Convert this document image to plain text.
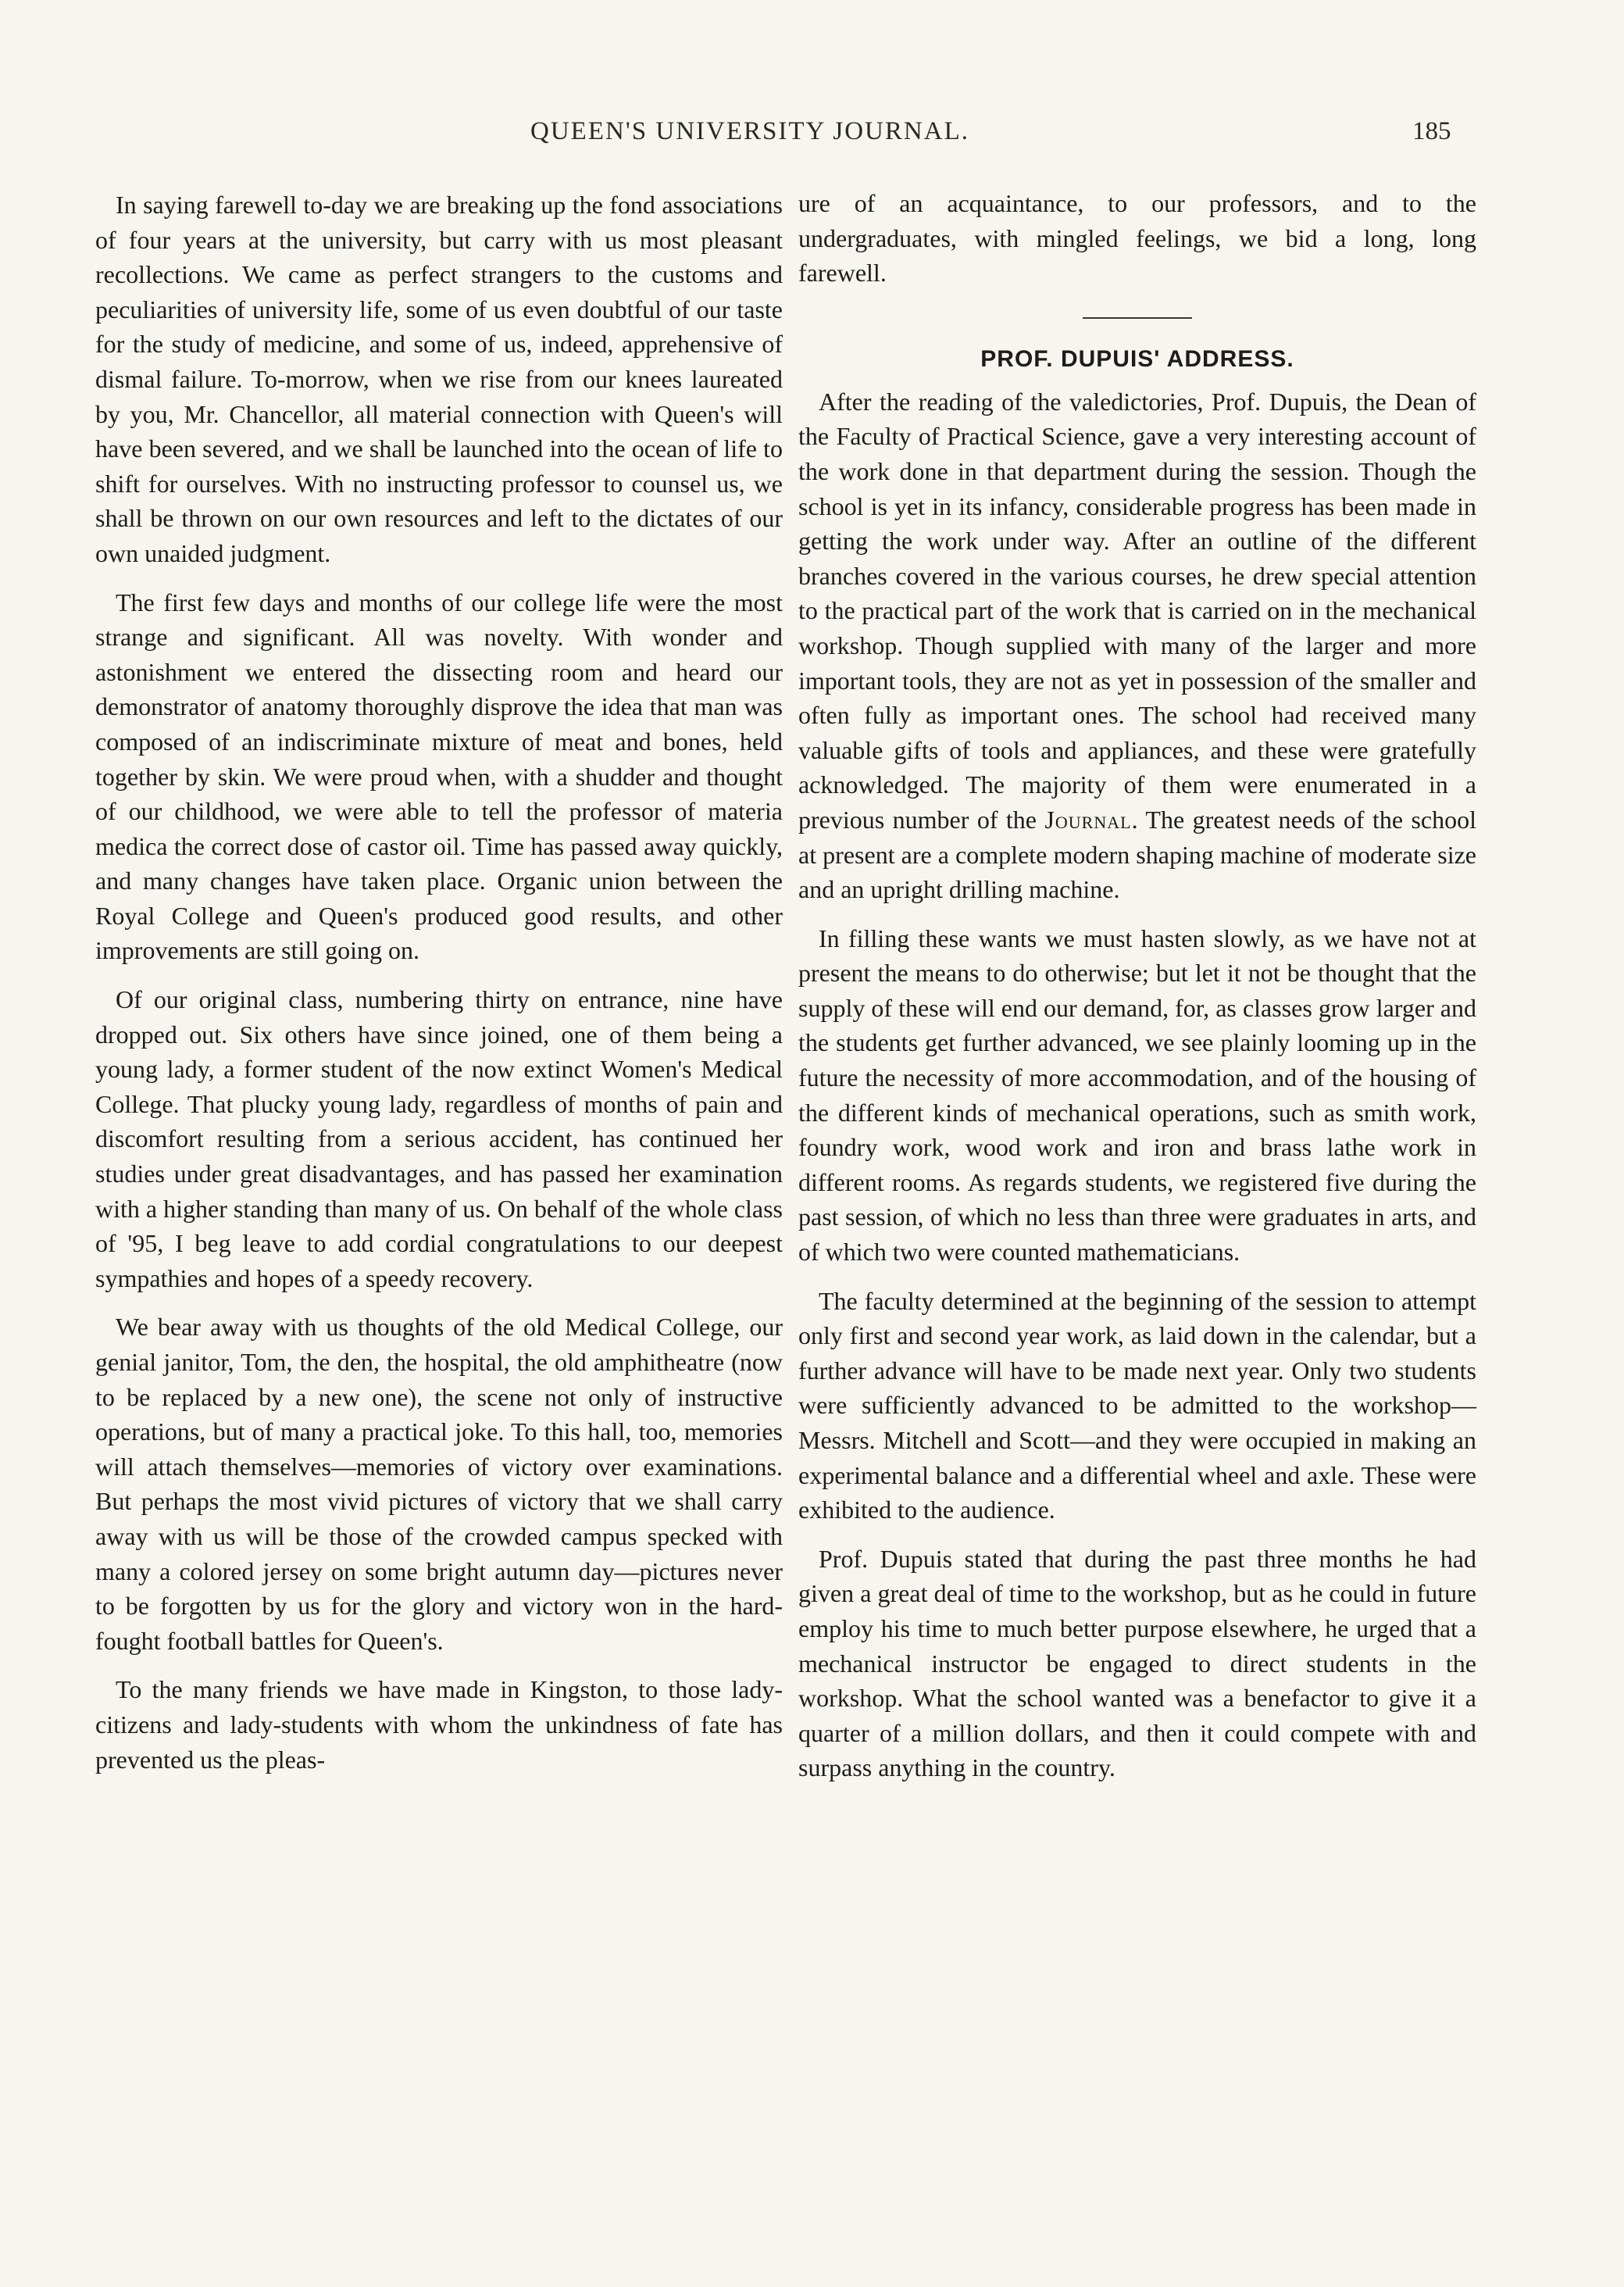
QUEEN'S UNIVERSITY JOURNAL.	185

In saying farewell to-day we are breaking up the fond associations of four years at the university, but carry with us most pleasant recollections. We came as perfect strangers to the customs and peculiarities of university life, some of us even doubtful of our taste for the study of medicine, and some of us, indeed, apprehensive of dismal failure. To-morrow, when we rise from our knees laureated by you, Mr. Chancellor, all material connection with Queen's will have been severed, and we shall be launched into the ocean of life to shift for ourselves. With no instructing professor to counsel us, we shall be thrown on our own resources and left to the dictates of our own unaided judgment.

The first few days and months of our college life were the most strange and significant. All was novelty. With wonder and astonishment we entered the dissecting room and heard our demonstrator of anatomy thoroughly disprove the idea that man was composed of an indiscriminate mixture of meat and bones, held together by skin. We were proud when, with a shudder and thought of our childhood, we were able to tell the professor of materia medica the correct dose of castor oil. Time has passed away quickly, and many changes have taken place. Organic union between the Royal College and Queen's produced good results, and other improvements are still going on.

Of our original class, numbering thirty on entrance, nine have dropped out. Six others have since joined, one of them being a young lady, a former student of the now extinct Women's Medical College. That plucky young lady, regardless of months of pain and discomfort resulting from a serious accident, has continued her studies under great disadvantages, and has passed her examination with a higher standing than many of us. On behalf of the whole class of '95, I beg leave to add cordial congratulations to our deepest sympathies and hopes of a speedy recovery.

We bear away with us thoughts of the old Medical College, our genial janitor, Tom, the den, the hospital, the old amphitheatre (now to be replaced by a new one), the scene not only of instructive operations, but of many a practical joke. To this hall, too, memories will attach themselves—memories of victory over examinations. But perhaps the most vivid pictures of victory that we shall carry away with us will be those of the crowded campus specked with many a colored jersey on some bright autumn day—pictures never to be forgotten by us for the glory and victory won in the hard-fought football battles for Queen's.

To the many friends we have made in Kingston, to those lady-citizens and lady-students with whom the unkindness of fate has prevented us the pleas-

ure of an acquaintance, to our professors, and to the undergraduates, with mingled feelings, we bid a long, long farewell.

PROF. DUPUIS' ADDRESS.

After the reading of the valedictories, Prof. Dupuis, the Dean of the Faculty of Practical Science, gave a very interesting account of the work done in that department during the session. Though the school is yet in its infancy, considerable progress has been made in getting the work under way. After an outline of the different branches covered in the various courses, he drew special attention to the practical part of the work that is carried on in the mechanical workshop. Though supplied with many of the larger and more important tools, they are not as yet in possession of the smaller and often fully as important ones. The school had received many valuable gifts of tools and appliances, and these were gratefully acknowledged. The majority of them were enumerated in a previous number of the Journal. The greatest needs of the school at present are a complete modern shaping machine of moderate size and an upright drilling machine.

In filling these wants we must hasten slowly, as we have not at present the means to do otherwise; but let it not be thought that the supply of these will end our demand, for, as classes grow larger and the students get further advanced, we see plainly looming up in the future the necessity of more accommodation, and of the housing of the different kinds of mechanical operations, such as smith work, foundry work, wood work and iron and brass lathe work in different rooms. As regards students, we registered five during the past session, of which no less than three were graduates in arts, and of which two were counted mathematicians.

The faculty determined at the beginning of the session to attempt only first and second year work, as laid down in the calendar, but a further advance will have to be made next year. Only two students were sufficiently advanced to be admitted to the workshop—Messrs. Mitchell and Scott—and they were occupied in making an experimental balance and a differential wheel and axle. These were exhibited to the audience.

Prof. Dupuis stated that during the past three months he had given a great deal of time to the workshop, but as he could in future employ his time to much better purpose elsewhere, he urged that a mechanical instructor be engaged to direct students in the workshop. What the school wanted was a benefactor to give it a quarter of a million dollars, and then it could compete with and surpass anything in the country.
